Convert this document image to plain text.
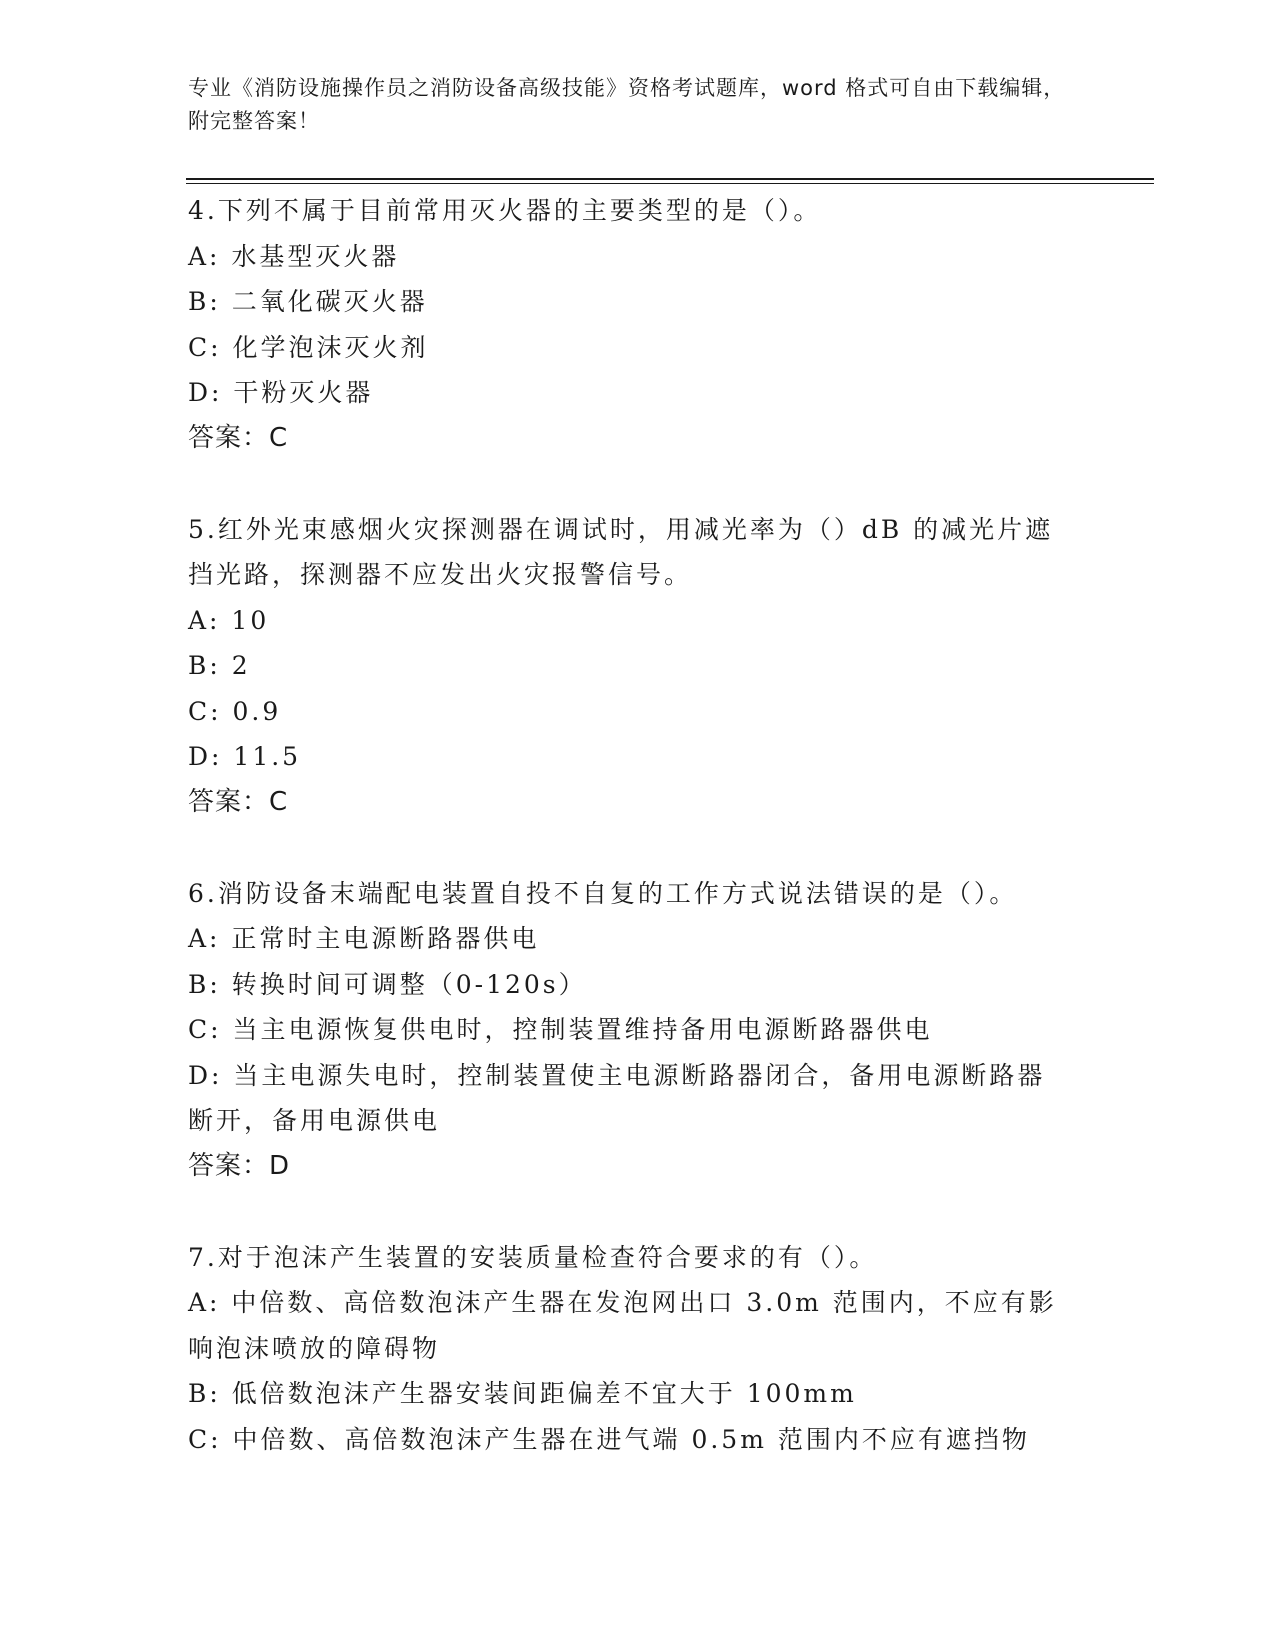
专业《消防设施操作员之消防设备高级技能》资格考试题库，word 格式可自由下载编辑，附完整答案！
4.下列不属于目前常用灭火器的主要类型的是（）。
A: 水基型灭火器
B: 二氧化碳灭火器
C: 化学泡沫灭火剂
D: 干粉灭火器
答案：C
5.红外光束感烟火灾探测器在调试时，用减光率为（）dB 的减光片遮挡光路，探测器不应发出火灾报警信号。
A: 10
B: 2
C: 0.9
D: 11.5
答案：C
6.消防设备末端配电装置自投不自复的工作方式说法错误的是（）。
A: 正常时主电源断路器供电
B: 转换时间可调整（0-120s）
C: 当主电源恢复供电时，控制装置维持备用电源断路器供电
D: 当主电源失电时，控制装置使主电源断路器闭合，备用电源断路器断开，备用电源供电
答案：D
7.对于泡沫产生装置的安装质量检查符合要求的有（）。
A: 中倍数、高倍数泡沫产生器在发泡网出口 3.0m 范围内，不应有影响泡沫喷放的障碍物
B: 低倍数泡沫产生器安装间距偏差不宜大于 100mm
C: 中倍数、高倍数泡沫产生器在进气端 0.5m 范围内不应有遮挡物
